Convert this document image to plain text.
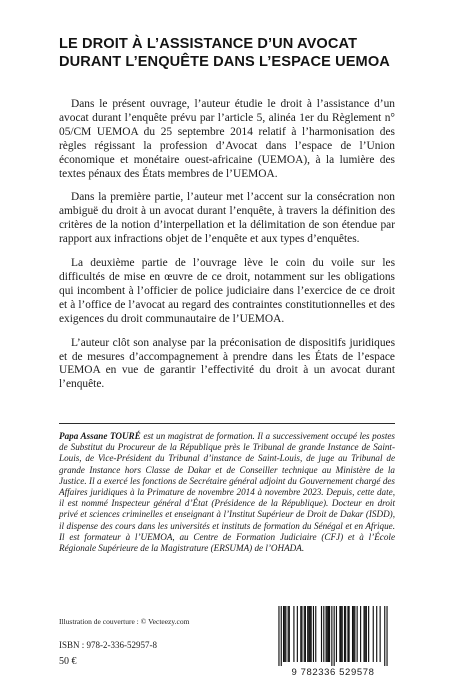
LE DROIT À L’ASSISTANCE D’UN AVOCAT
DURANT L’ENQUÊTE DANS L’ESPACE UEMOA

Dans le présent ouvrage, l’auteur étudie le droit à l’assistance d’un avocat durant l’enquête prévu par l’article 5, alinéa 1er du Règlement n° 05/CM UEMOA du 25 septembre 2014 relatif à l’harmonisation des règles régissant la profession d’Avocat dans l’espace de l’Union économique et monétaire ouest-africaine (UEMOA), à la lumière des textes pénaux des États membres de l’UEMOA.

Dans la première partie, l’auteur met l’accent sur la consécration non ambiguë du droit à un avocat durant l’enquête, à travers la définition des critères de la notion d’interpellation et la délimitation de son étendue par rapport aux infractions objet de l’enquête et aux types d’enquêtes.

La deuxième partie de l’ouvrage lève le coin du voile sur les difficultés de mise en œuvre de ce droit, notamment sur les obligations qui incombent à l’officier de police judiciaire dans l’exercice de ce droit et à l’office de l’avocat au regard des contraintes constitutionnelles et des exigences du droit communautaire de l’UEMOA.

L’auteur clôt son analyse par la préconisation de dispositifs juridiques et de mesures d’accompagnement à prendre dans les États de l’espace UEMOA en vue de garantir l’effectivité du droit à un avocat durant l’enquête.

Papa Assane TOURÉ est un magistrat de formation. Il a successivement occupé les postes de Substitut du Procureur de la République près le Tribunal de grande Instance de Saint-Louis, de Vice-Président du Tribunal d’instance de Saint-Louis, de juge au Tribunal de grande Instance hors Classe de Dakar et de Conseiller technique au Ministère de la Justice. Il a exercé les fonctions de Secrétaire général adjoint du Gouvernement chargé des Affaires juridiques à la Primature de novembre 2014 à novembre 2023. Depuis, cette date, il est nommé Inspecteur général d’État (Présidence de la République). Docteur en droit privé et sciences criminelles et enseignant à l’Institut Supérieur de Droit de Dakar (ISDD), il dispense des cours dans les universités et instituts de formation du Sénégal et en Afrique. Il est formateur à l’UEMOA, au Centre de Formation Judiciaire (CFJ) et à l’École Régionale Supérieure de la Magistrature (ERSUMA) de l’OHADA.
Illustration de couverture : © Vecteezy.com
ISBN : 978-2-336-52957-8
50 €
9 782336 529578
